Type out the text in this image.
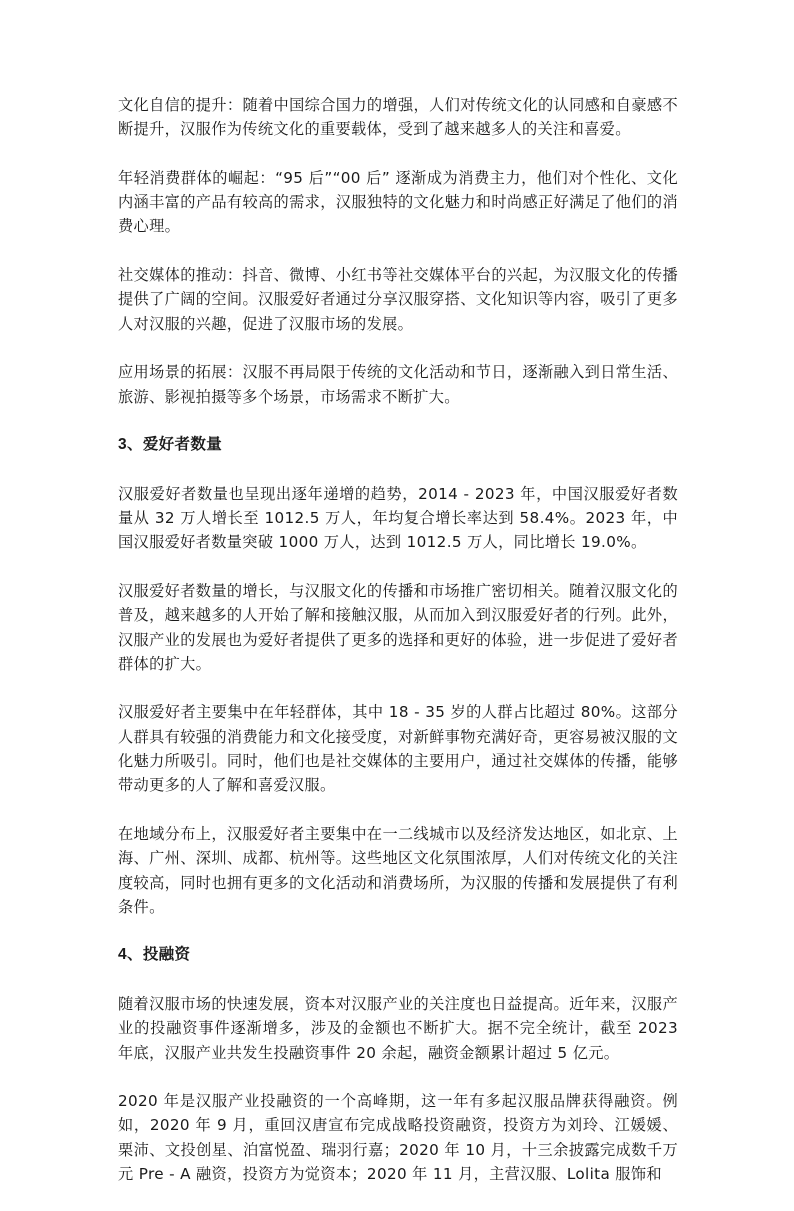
文化自信的提升：随着中国综合国力的增强，人们对传统文化的认同感和自豪感不断提升，汉服作为传统文化的重要载体，受到了越来越多人的关注和喜爱。

年轻消费群体的崛起：“95 后”“00 后” 逐渐成为消费主力，他们对个性化、文化内涵丰富的产品有较高的需求，汉服独特的文化魅力和时尚感正好满足了他们的消费心理。

社交媒体的推动：抖音、微博、小红书等社交媒体平台的兴起，为汉服文化的传播提供了广阔的空间。汉服爱好者通过分享汉服穿搭、文化知识等内容，吸引了更多人对汉服的兴趣，促进了汉服市场的发展。

应用场景的拓展：汉服不再局限于传统的文化活动和节日，逐渐融入到日常生活、旅游、影视拍摄等多个场景，市场需求不断扩大。

3、爱好者数量

汉服爱好者数量也呈现出逐年递增的趋势，2014 - 2023 年，中国汉服爱好者数量从 32 万人增长至 1012.5 万人，年均复合增长率达到 58.4%。2023 年，中国汉服爱好者数量突破 1000 万人，达到 1012.5 万人，同比增长 19.0%。

汉服爱好者数量的增长，与汉服文化的传播和市场推广密切相关。随着汉服文化的普及，越来越多的人开始了解和接触汉服，从而加入到汉服爱好者的行列。此外，汉服产业的发展也为爱好者提供了更多的选择和更好的体验，进一步促进了爱好者群体的扩大。

汉服爱好者主要集中在年轻群体，其中 18 - 35 岁的人群占比超过 80%。这部分人群具有较强的消费能力和文化接受度，对新鲜事物充满好奇，更容易被汉服的文化魅力所吸引。同时，他们也是社交媒体的主要用户，通过社交媒体的传播，能够带动更多的人了解和喜爱汉服。

在地域分布上，汉服爱好者主要集中在一二线城市以及经济发达地区，如北京、上海、广州、深圳、成都、杭州等。这些地区文化氛围浓厚，人们对传统文化的关注度较高，同时也拥有更多的文化活动和消费场所，为汉服的传播和发展提供了有利条件。

4、投融资

随着汉服市场的快速发展，资本对汉服产业的关注度也日益提高。近年来，汉服产业的投融资事件逐渐增多，涉及的金额也不断扩大。据不完全统计，截至 2023 年底，汉服产业共发生投融资事件 20 余起，融资金额累计超过 5 亿元。

2020 年是汉服产业投融资的一个高峰期，这一年有多起汉服品牌获得融资。例如，2020 年 9 月，重回汉唐宣布完成战略投资融资，投资方为刘玲、江媛媛、栗沛、文投创星、泊富悦盈、瑞羽行嘉；2020 年 10 月，十三余披露完成数千万元 Pre - A 融资，投资方为觉资本；2020 年 11 月，主营汉服、Lolita 服饰和
